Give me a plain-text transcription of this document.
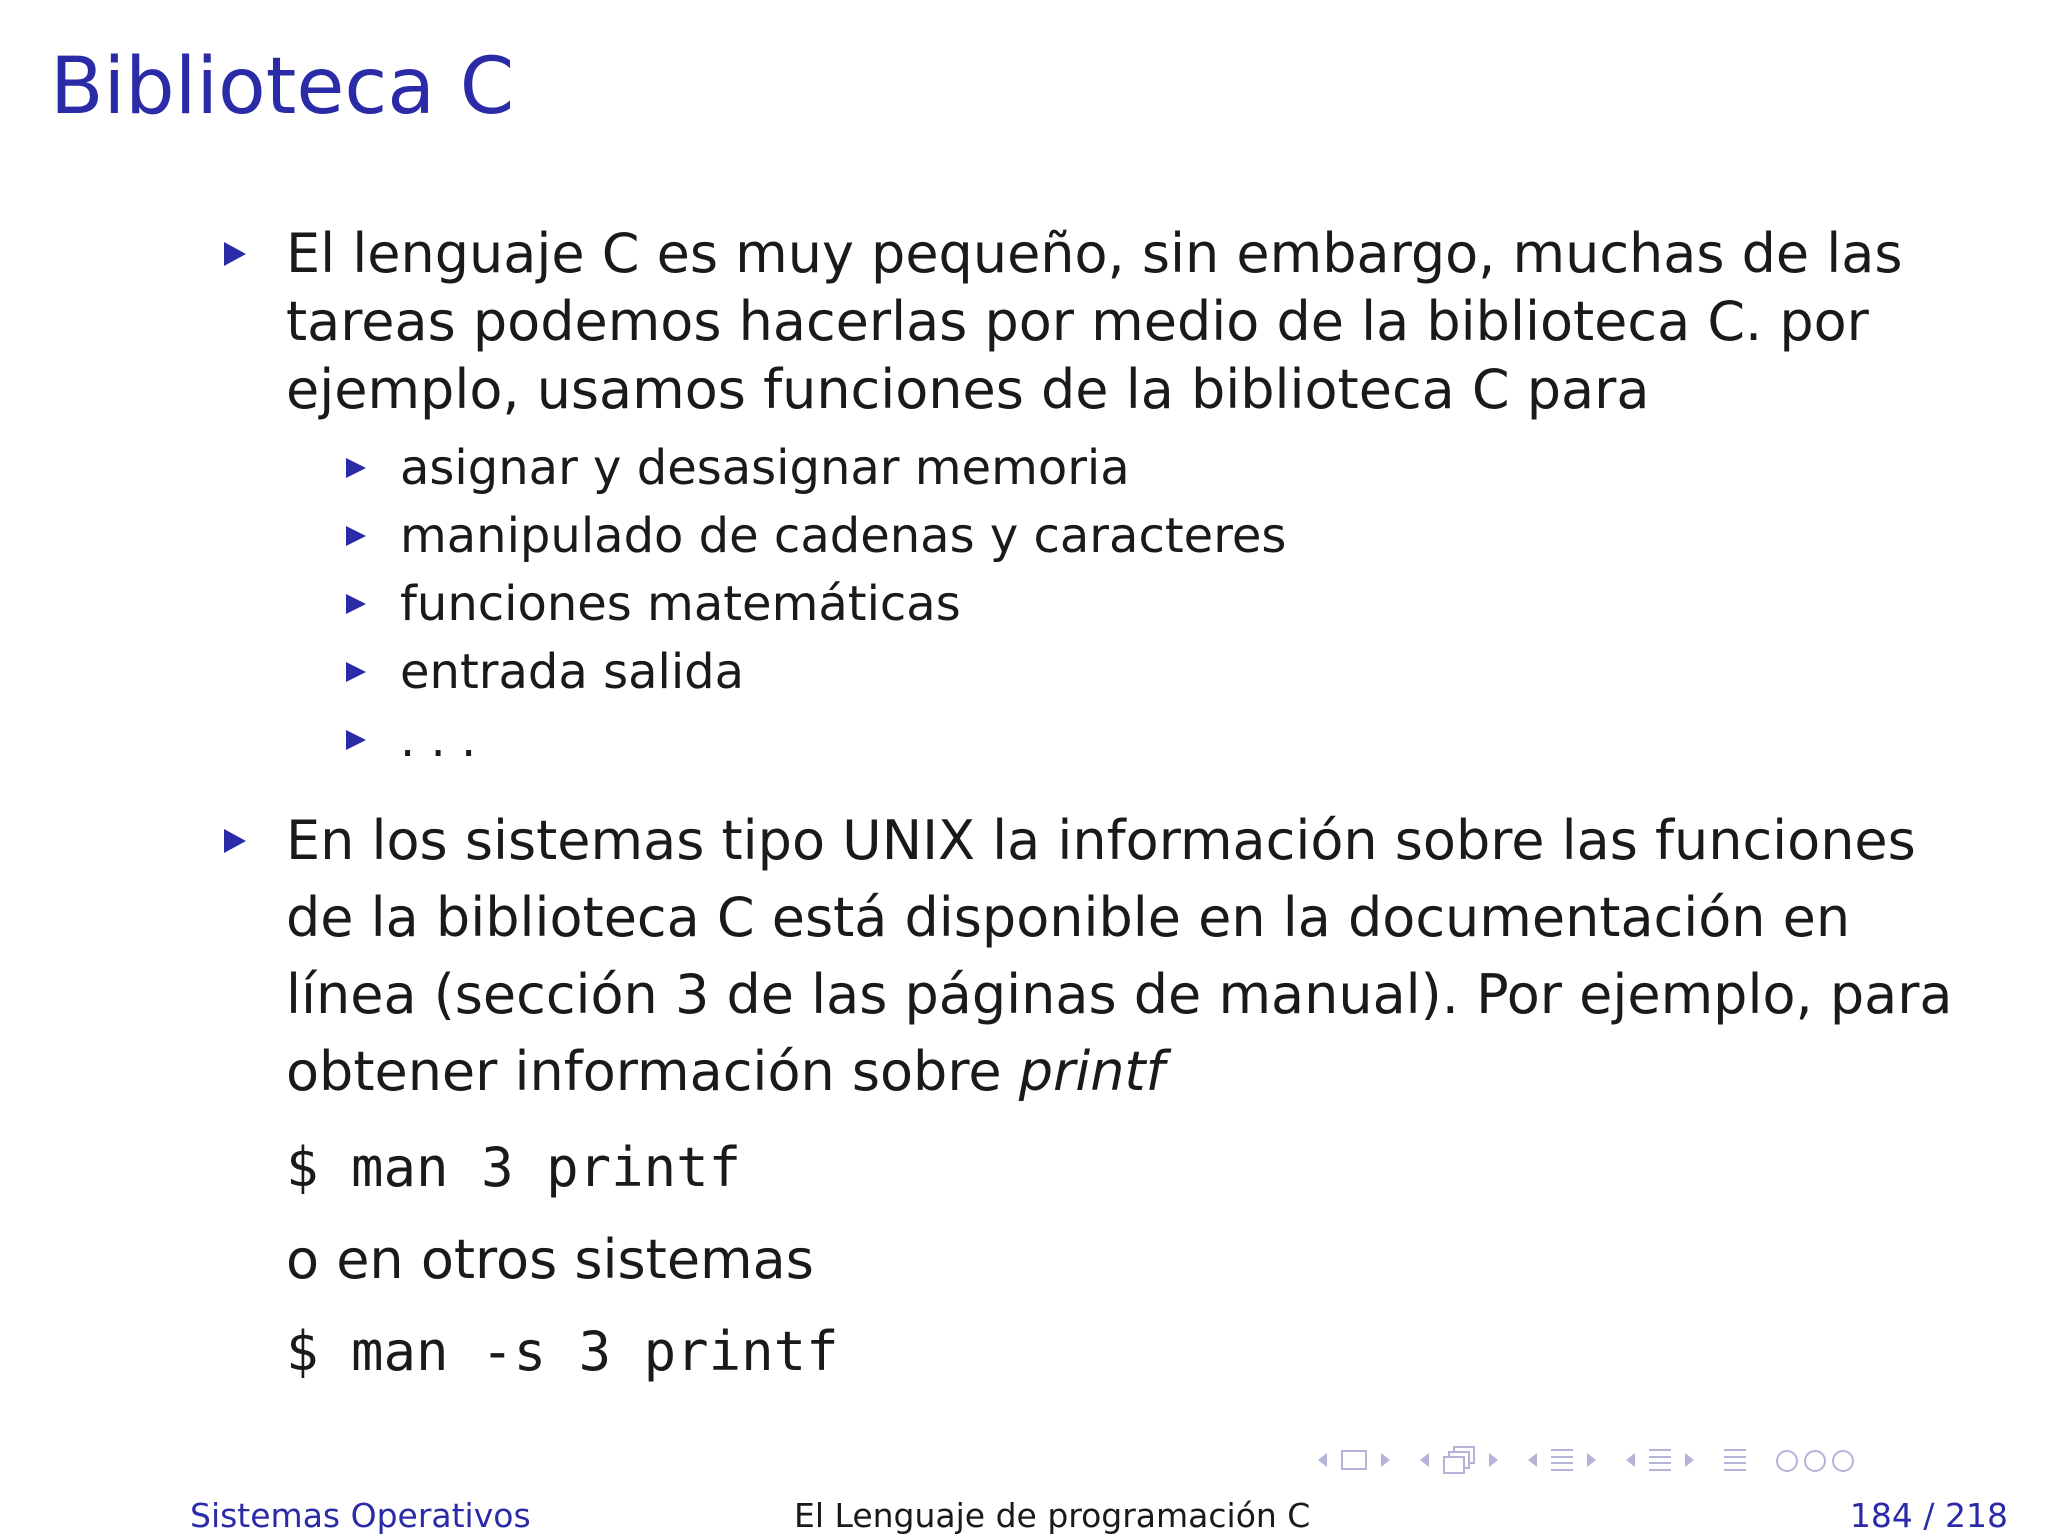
Biblioteca C
El lenguaje C es muy pequeño, sin embargo, muchas de las
tareas podemos hacerlas por medio de la biblioteca C. por
ejemplo, usamos funciones de la biblioteca C para
asignar y desasignar memoria
manipulado de cadenas y caracteres
funciones matemáticas
entrada salida
. . .
En los sistemas tipo UNIX la información sobre las funciones
de la biblioteca C está disponible en la documentación en
línea (sección 3 de las páginas de manual). Por ejemplo, para
obtener información sobre printf
$ man 3 printf
o en otros sistemas
$ man -s 3 printf
Sistemas Operativos	El Lenguaje de programación C	184 / 218
